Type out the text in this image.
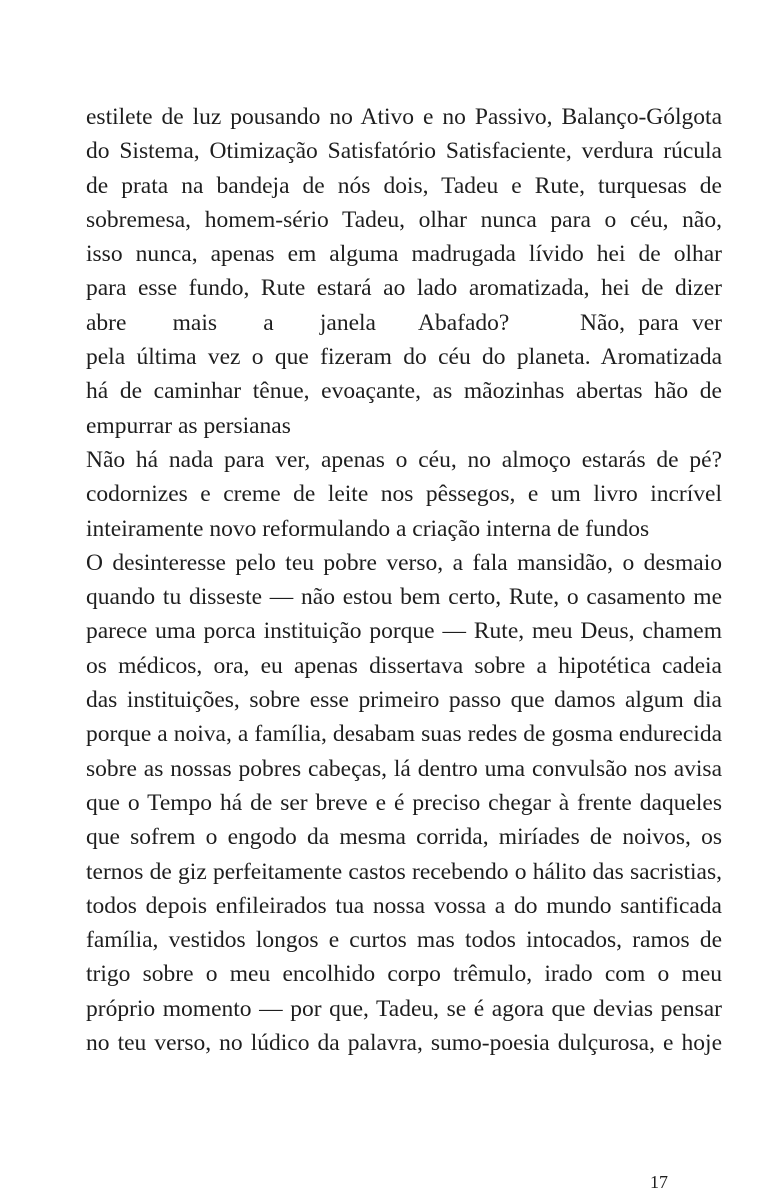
estilete de luz pousando no Ativo e no Passivo, Balanço-Gólgota
do Sistema, Otimização Satisfatório Satisfaciente, verdura rúcula
de prata na bandeja de nós dois, Tadeu e Rute, turquesas de
sobremesa, homem-sério Tadeu, olhar nunca para o céu, não,
isso nunca, apenas em alguma madrugada lívido hei de olhar
para esse fundo, Rute estará ao lado aromatizada, hei de dizer
abre mais a janela Abafado?	Não, para ver
pela última vez o que fizeram do céu do planeta. Aromatizada
há de caminhar tênue, evoaçante, as mãozinhas abertas hão de
empurrar as persianas
Não há nada para ver, apenas o céu, no almoço estarás de pé?
codornizes e creme de leite nos pêssegos, e um livro incrível
inteiramente novo reformulando a criação interna de fundos
O desinteresse pelo teu pobre verso, a fala mansidão, o desmaio
quando tu disseste — não estou bem certo, Rute, o casamento me
parece uma porca instituição porque — Rute, meu Deus, chamem
os médicos, ora, eu apenas dissertava sobre a hipotética cadeia
das instituições, sobre esse primeiro passo que damos algum dia
porque a noiva, a família, desabam suas redes de gosma endurecida
sobre as nossas pobres cabeças, lá dentro uma convulsão nos avisa
que o Tempo há de ser breve e é preciso chegar à frente daqueles
que sofrem o engodo da mesma corrida, miríades de noivos, os
ternos de giz perfeitamente castos recebendo o hálito das sacristias,
todos depois enfileirados tua nossa vossa a do mundo santificada
família, vestidos longos e curtos mas todos intocados, ramos de
trigo sobre o meu encolhido corpo trêmulo, irado com o meu
próprio momento — por que, Tadeu, se é agora que devias pensar
no teu verso, no lúdico da palavra, sumo-poesia dulçurosa, e hoje
17
